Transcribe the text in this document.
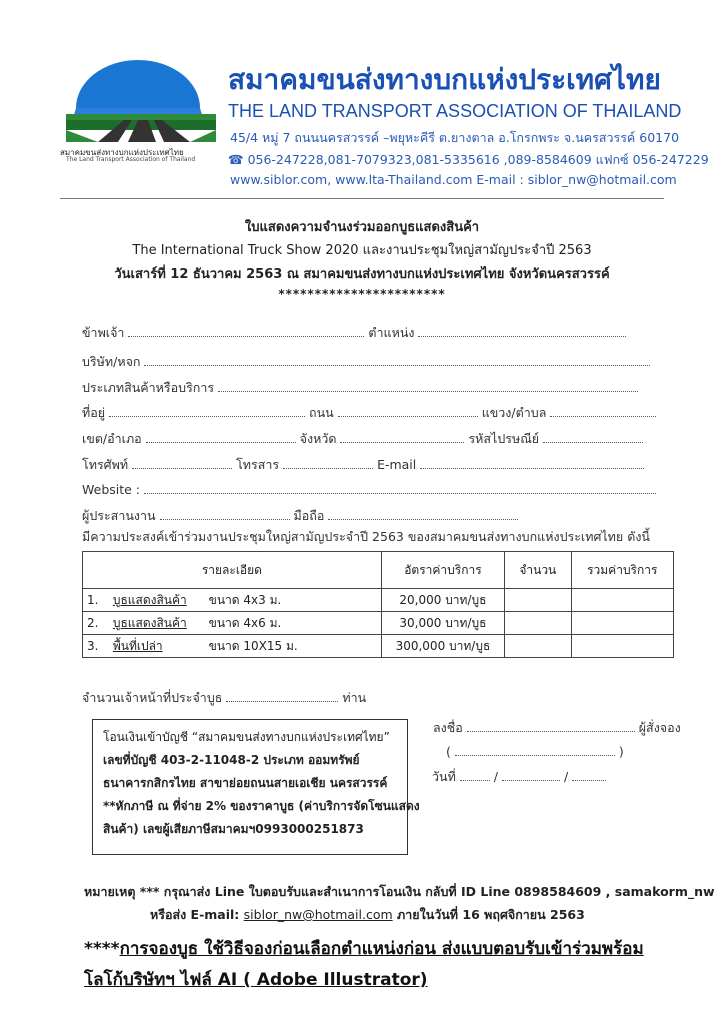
สมาคมขนส่งทางบกแห่งประเทศไทย
The Land Transport Association of Thailand
สมาคมขนส่งทางบกแห่งประเทศไทย
THE LAND TRANSPORT ASSOCIATION OF THAILAND
45/4 หมู่ 7 ถนนนครสวรรค์ –พยุหะคีรี ต.ยางตาล อ.โกรกพระ จ.นครสวรรค์ 60170
☎ 056-247228,081-7079323,081-5335616 ,089-8584609 แฟกซ์ 056-247229
www.siblor.com, www.lta-Thailand.com E-mail : siblor_nw@hotmail.com
ใบแสดงความจำนงร่วมออกบูธแสดงสินค้า
The International Truck Show 2020 และงานประชุมใหญ่สามัญประจำปี 2563
วันเสาร์ที่ 12 ธันวาคม 2563 ณ สมาคมขนส่งทางบกแห่งประเทศไทย จังหวัดนครสวรรค์
***********************
ข้าพเจ้า	ตำแหน่ง
บริษัท/หจก
ประเภทสินค้าหรือบริการ
ที่อยู่	ถนน	แขวง/ตำบล
เขต/อำเภอ	จังหวัด	รหัสไปรษณีย์
โทรศัพท์	โทรสาร	E-mail
Website :
ผู้ประสานงาน	มือถือ
มีความประสงค์เข้าร่วมงานประชุมใหญ่สามัญประจำปี 2563 ของสมาคมขนส่งทางบกแห่งประเทศไทย ดังนี้
รายละเอียด	อัตราค่าบริการ	จำนวน	รวมค่าบริการ
1. บูธแสดงสินค้า ขนาด 4x3 ม.	20,000 บาท/บูธ		
2. บูธแสดงสินค้า ขนาด 4x6 ม.	30,000 บาท/บูธ		
3. พื้นที่เปล่า ขนาด 10X15 ม.	300,000 บาท/บูธ		
จำนวนเจ้าหน้าที่ประจำบูธ	ท่าน
โอนเงินเข้าบัญชี “สมาคมขนส่งทางบกแห่งประเทศไทย”
เลขที่บัญชี 403-2-11048-2 ประเภท ออมทรัพย์
ธนาคารกสิกรไทย สาขาย่อยถนนสายเอเชีย นครสวรรค์
**หักภาษี ณ ที่จ่าย 2% ของราคาบูธ (ค่าบริการจัดโซนแสดง
สินค้า) เลขผู้เสียภาษีสมาคมฯ0993000251873
ลงชื่อ	ผู้สั่งจอง
(	)
วันที่	/	/
หมายเหตุ *** กรุณาส่ง Line ใบตอบรับและสำเนาการโอนเงิน กลับที่ ID Line 0898584609 , samakorm_nw
หรือส่ง E-mail: siblor_nw@hotmail.com ภายในวันที่ 16 พฤศจิกายน 2563
****การจองบูธ ใช้วิธีจองก่อนเลือกตำแหน่งก่อน ส่งแบบตอบรับเข้าร่วมพร้อม
โลโก้บริษัทฯ ไฟล์ AI ( Adobe Illustrator)
